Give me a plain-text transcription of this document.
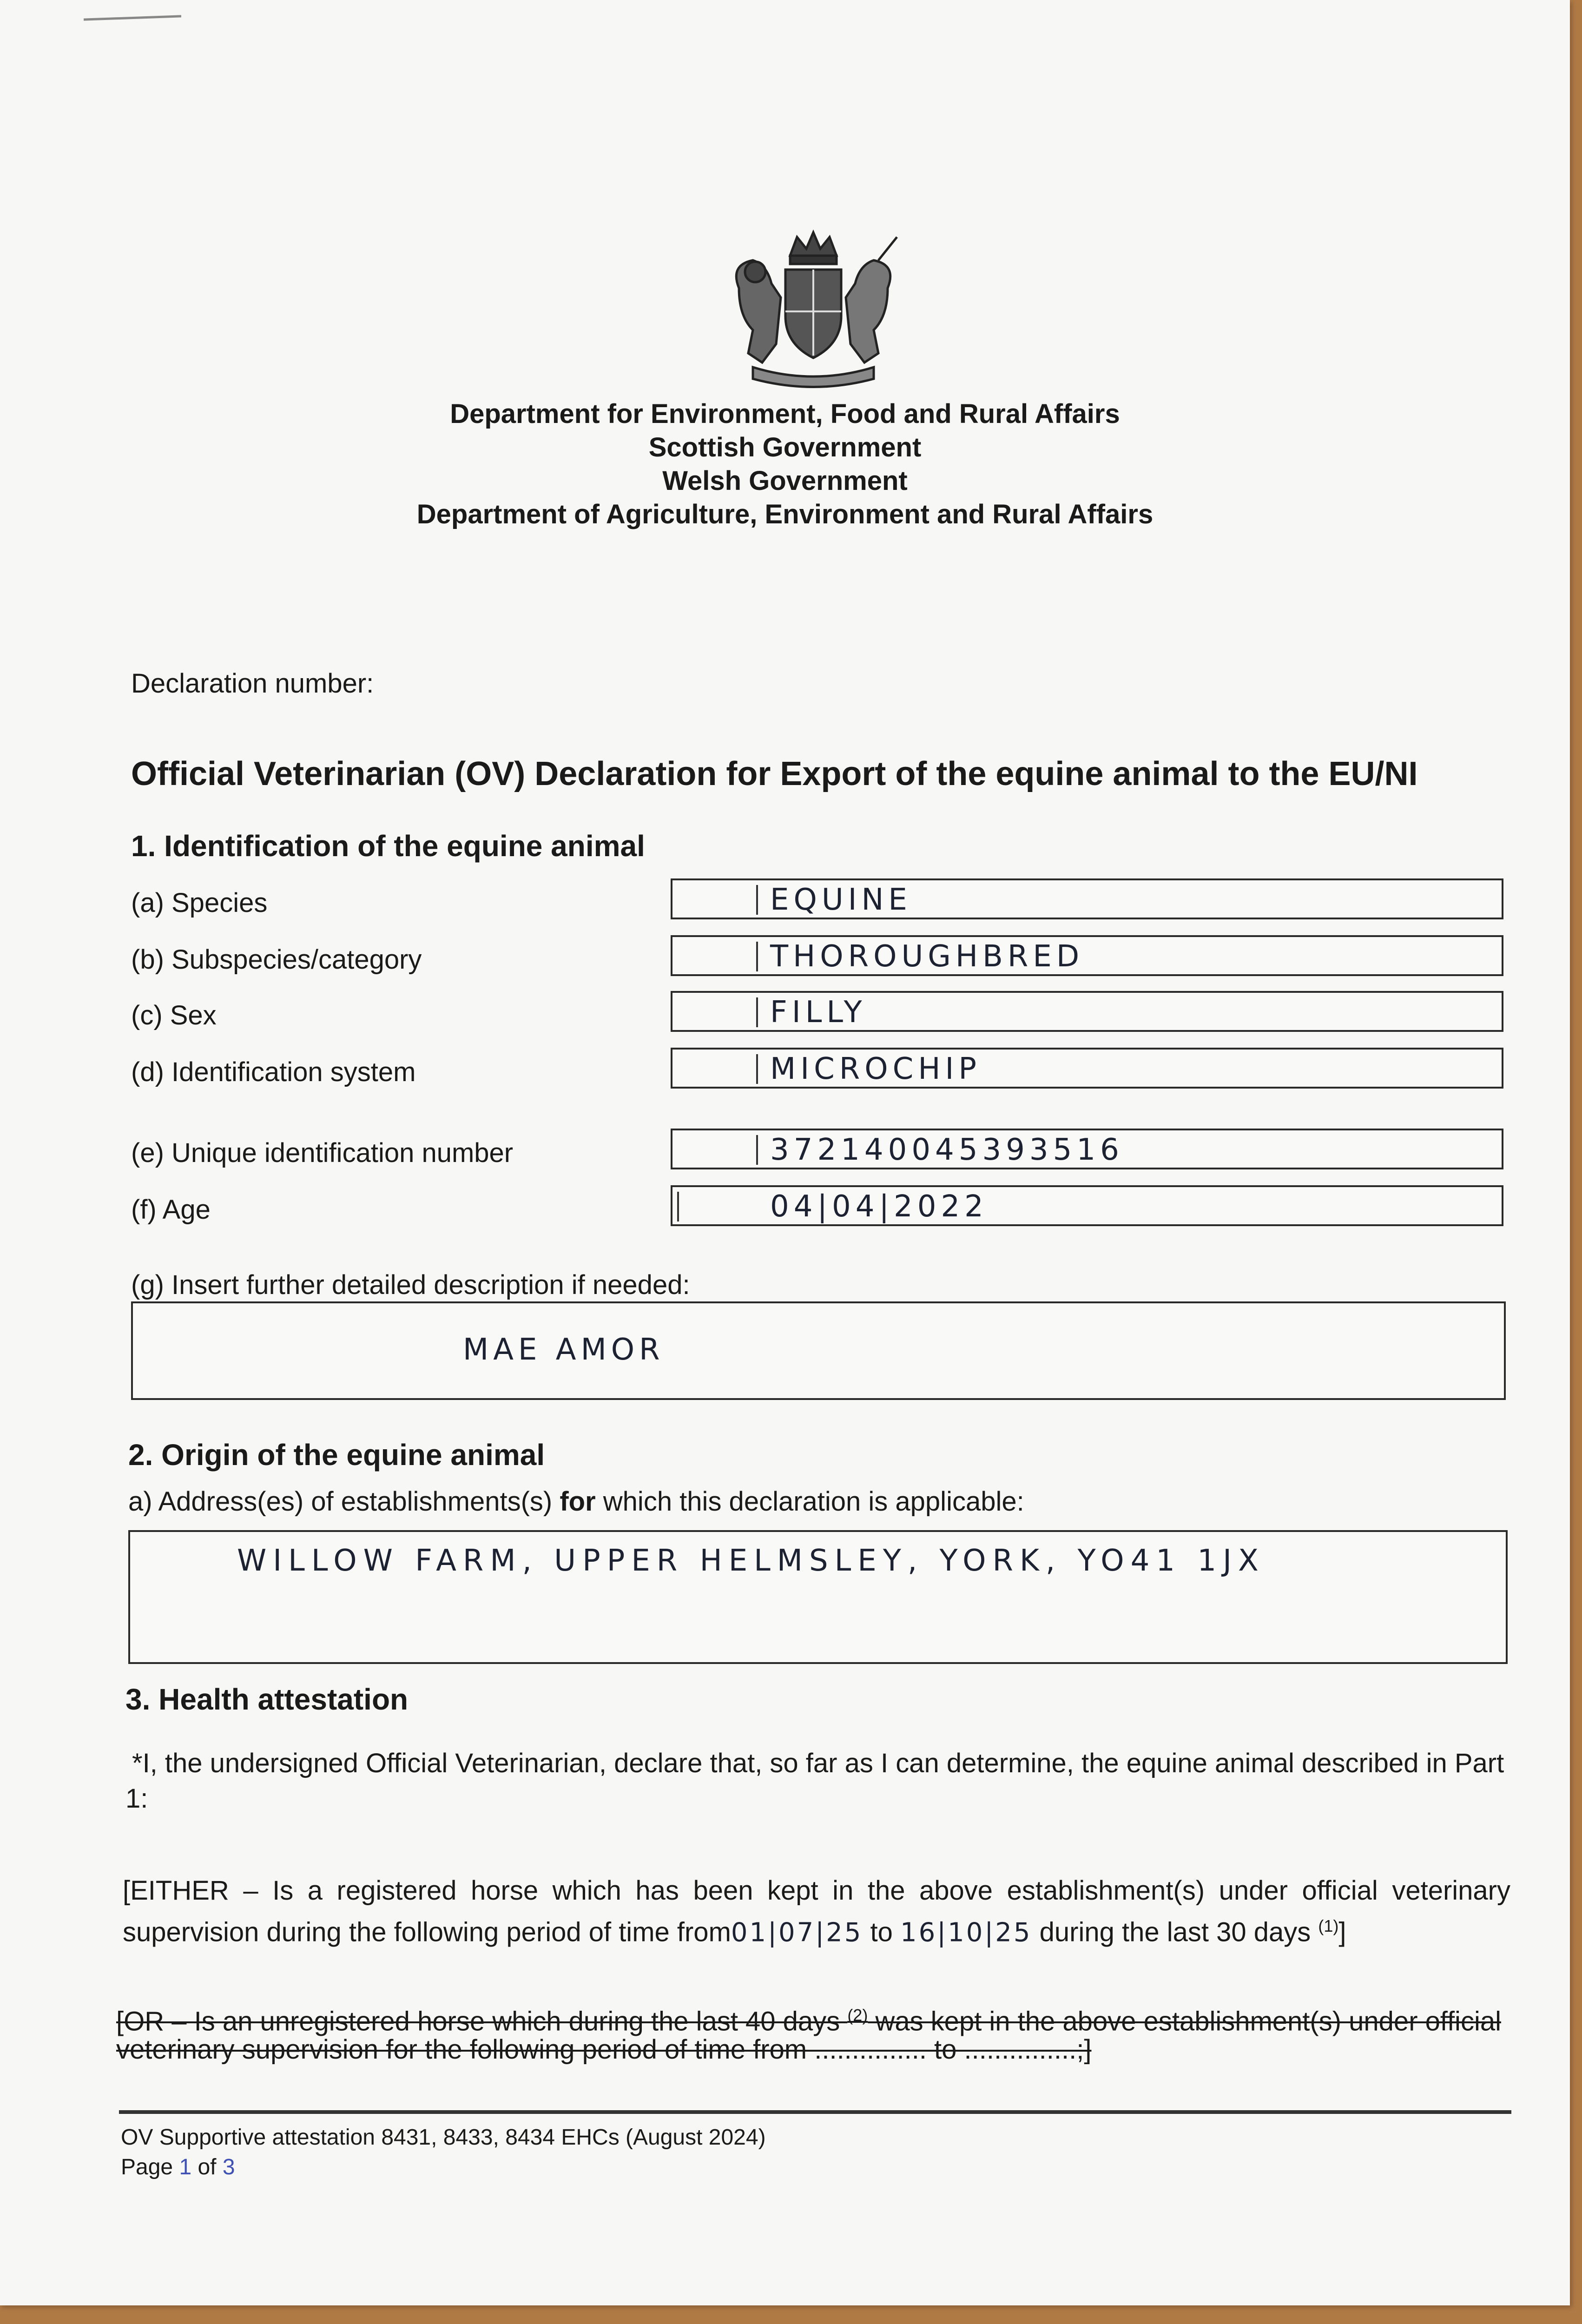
Department for Environment, Food and Rural Affairs
Scottish Government
Welsh Government
Department of Agriculture, Environment and Rural Affairs
Declaration number:
Official Veterinarian (OV) Declaration for Export of the equine animal to the EU/NI
1. Identification of the equine animal
(a) Species	EQUINE
(b) Subspecies/category	THOROUGHBRED
(c) Sex	FILLY
(d) Identification system	MICROCHIP
(e) Unique identification number	372140045393516
(f) Age	04|04|2022
(g) Insert further detailed description if needed:
MAE AMOR
2. Origin of the equine animal
a) Address(es) of establishments(s) for which this declaration is applicable:
WILLOW FARM, UPPER HELMSLEY, YORK, YO41 1JX
3. Health attestation
*I, the undersigned Official Veterinarian, declare that, so far as I can determine, the equine animal described in Part 1:
[EITHER – Is a registered horse which has been kept in the above establishment(s) under official veterinary
supervision during the following period of time from01|07|25 to 16|10|25 during the last 30 days $^{(1)}$]
[OR – Is an unregistered horse which during the last 40 days $^{(2)}$ was kept in the above establishment(s) under official
veterinary supervision for the following period of time from ............... to ...............;]
OV Supportive attestation 8431, 8433, 8434 EHCs (August 2024)
Page 1 of 3
